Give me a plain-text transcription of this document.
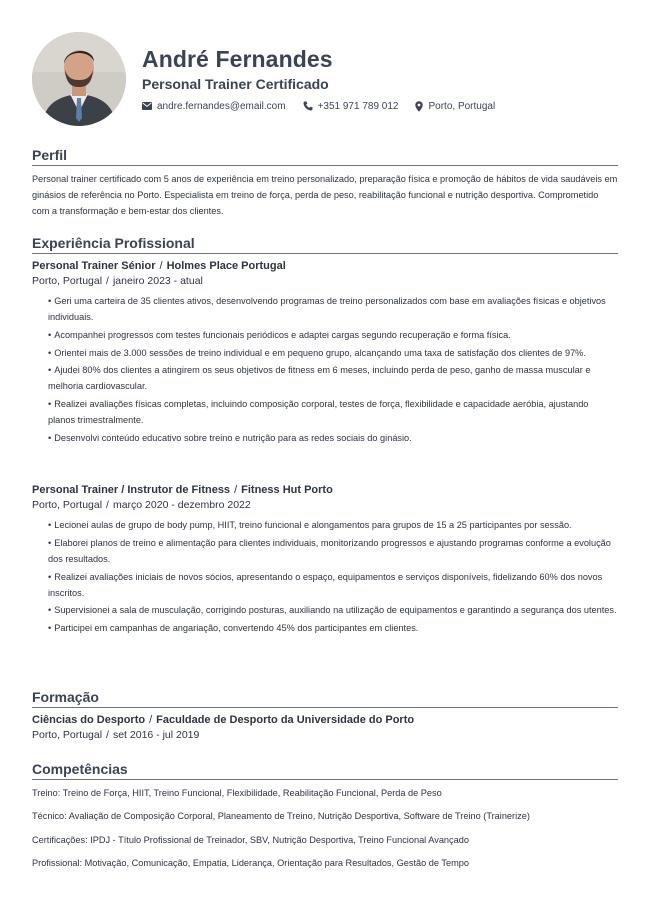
André Fernandes
Personal Trainer Certificado
andre.fernandes@email.com	+351 971 789 012	Porto, Portugal
Perfil
Personal trainer certificado com 5 anos de experiência em treino personalizado, preparação física e promoção de hábitos de vida saudáveis em ginásios de referência no Porto. Especialista em treino de força, perda de peso, reabilitação funcional e nutrição desportiva. Comprometido com a transformação e bem-estar dos clientes.
Experiência Profissional
Personal Trainer Sénior / Holmes Place Portugal
Porto, Portugal / janeiro 2023 - atual
• Geri uma carteira de 35 clientes ativos, desenvolvendo programas de treino personalizados com base em avaliações físicas e objetivos individuais.
• Acompanhei progressos com testes funcionais periódicos e adaptei cargas segundo recuperação e forma física.
• Orientei mais de 3.000 sessões de treino individual e em pequeno grupo, alcançando uma taxa de satisfação dos clientes de 97%.
• Ajudei 80% dos clientes a atingirem os seus objetivos de fitness em 6 meses, incluindo perda de peso, ganho de massa muscular e melhoria cardiovascular.
• Realizei avaliações físicas completas, incluindo composição corporal, testes de força, flexibilidade e capacidade aeróbia, ajustando planos trimestralmente.
• Desenvolvi conteúdo educativo sobre treino e nutrição para as redes sociais do ginásio.
Personal Trainer / Instrutor de Fitness / Fitness Hut Porto
Porto, Portugal / março 2020 - dezembro 2022
• Lecionei aulas de grupo de body pump, HIIT, treino funcional e alongamentos para grupos de 15 a 25 participantes por sessão.
• Elaborei planos de treino e alimentação para clientes individuais, monitorizando progressos e ajustando programas conforme a evolução dos resultados.
• Realizei avaliações iniciais de novos sócios, apresentando o espaço, equipamentos e serviços disponíveis, fidelizando 60% dos novos inscritos.
• Supervisionei a sala de musculação, corrigindo posturas, auxiliando na utilização de equipamentos e garantindo a segurança dos utentes.
• Participei em campanhas de angariação, convertendo 45% dos participantes em clientes.
Formação
Ciências do Desporto / Faculdade de Desporto da Universidade do Porto
Porto, Portugal / set 2016 - jul 2019
Competências
Treino: Treino de Força, HIIT, Treino Funcional, Flexibilidade, Reabilitação Funcional, Perda de Peso
Técnico: Avaliação de Composição Corporal, Planeamento de Treino, Nutrição Desportiva, Software de Treino (Trainerize)
Certificações: IPDJ - Título Profissional de Treinador, SBV, Nutrição Desportiva, Treino Funcional Avançado
Profissional: Motivação, Comunicação, Empatia, Liderança, Orientação para Resultados, Gestão de Tempo
